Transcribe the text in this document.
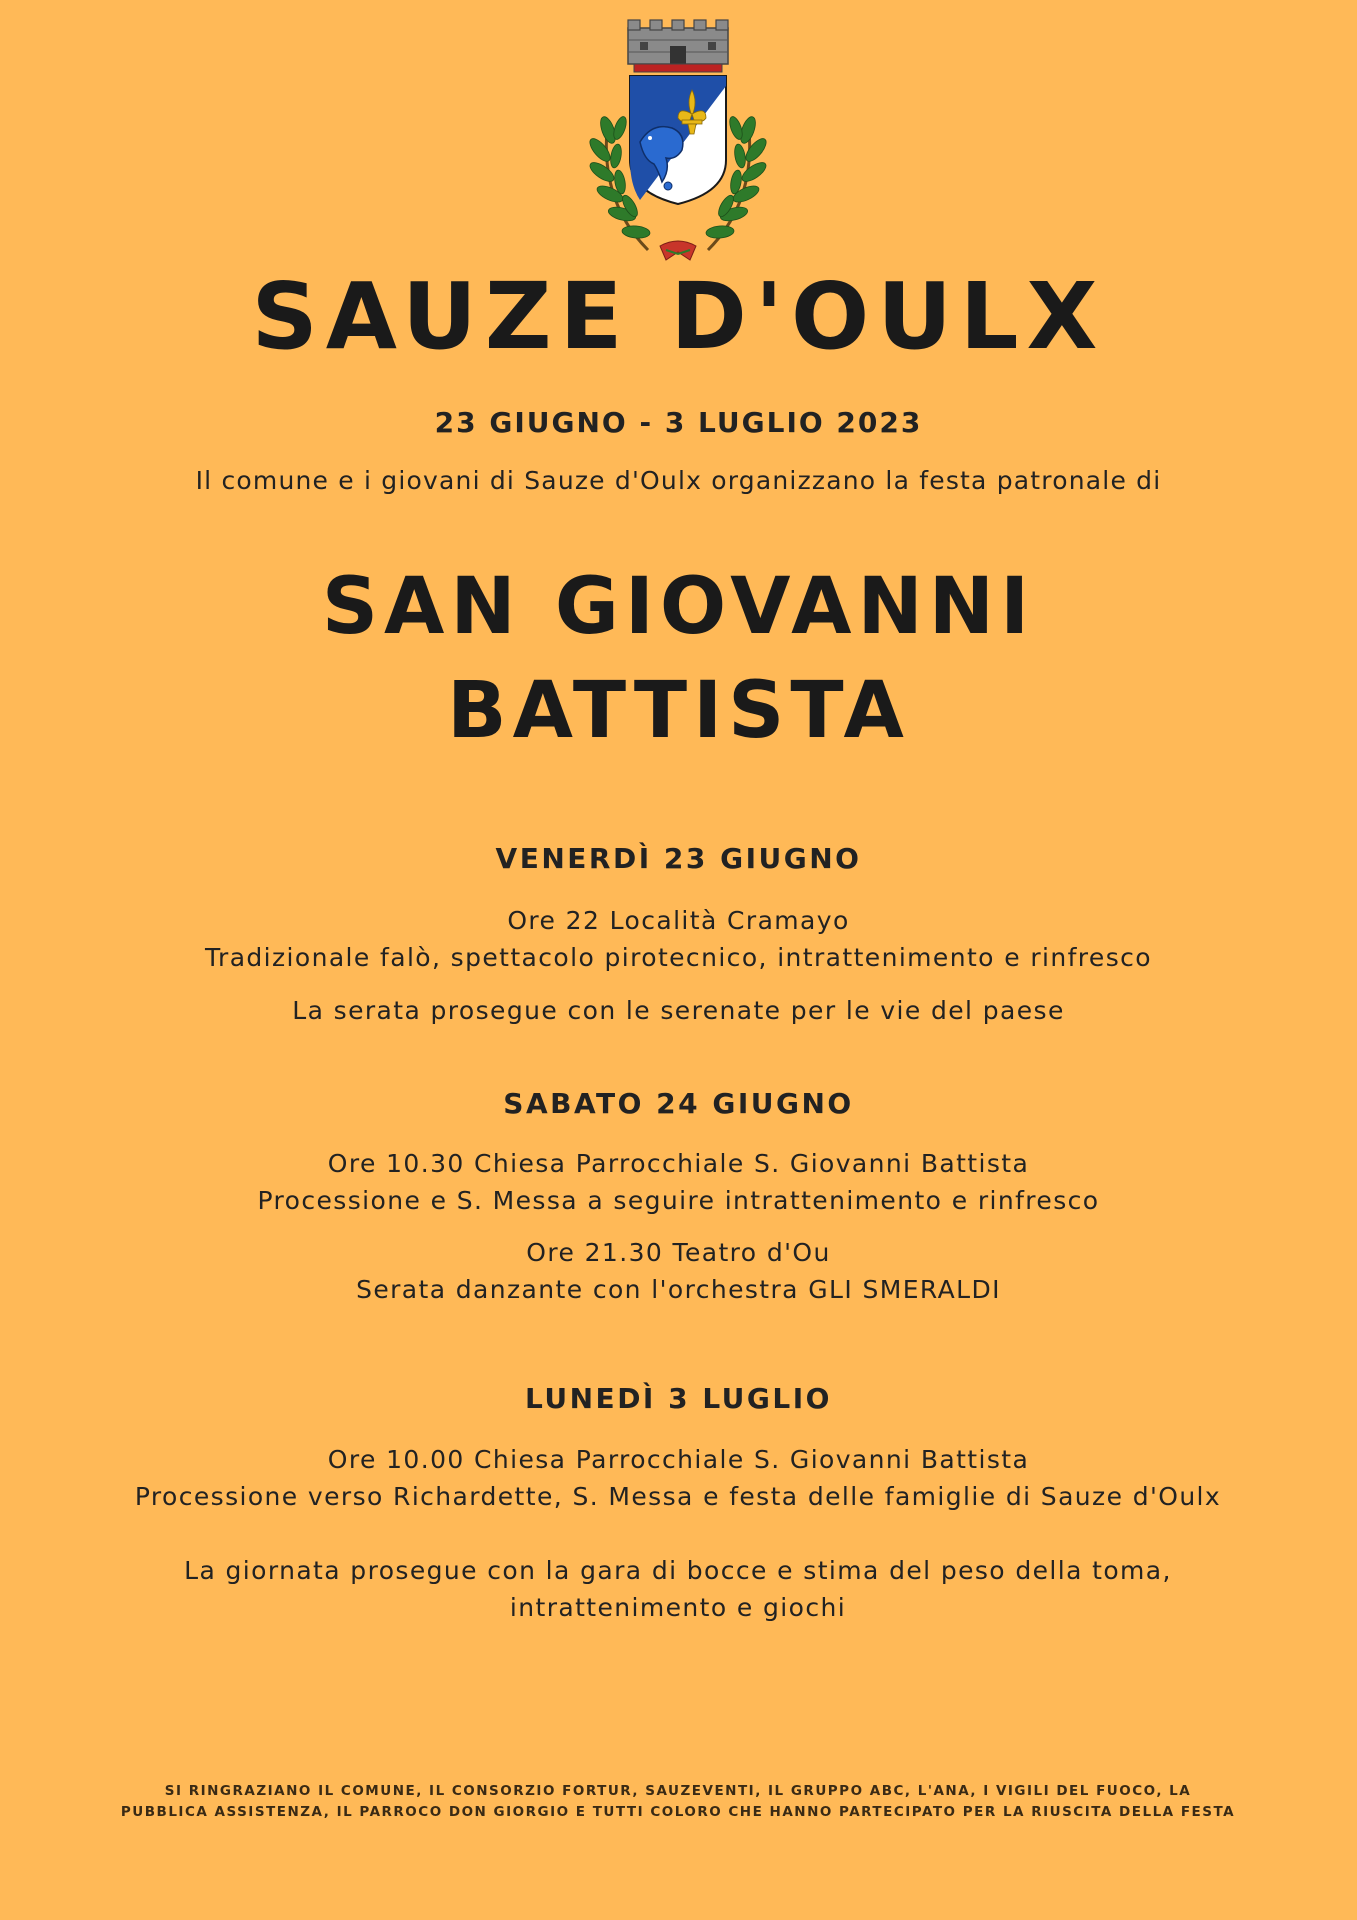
SAUZE D'OULX
23 GIUGNO - 3 LUGLIO 2023
Il comune e i giovani di Sauze d'Oulx organizzano la festa patronale di
SAN GIOVANNI
BATTISTA
VENERDÌ 23 GIUGNO
Ore 22 Località Cramayo
Tradizionale falò, spettacolo pirotecnico, intrattenimento e rinfresco
La serata prosegue con le serenate per le vie del paese
SABATO 24 GIUGNO
Ore 10.30 Chiesa Parrocchiale S. Giovanni Battista
Processione e S. Messa a seguire intrattenimento e rinfresco
Ore 21.30 Teatro d'Ou
Serata danzante con l'orchestra GLI SMERALDI
LUNEDÌ 3 LUGLIO
Ore 10.00 Chiesa Parrocchiale S. Giovanni Battista
Processione verso Richardette, S. Messa e festa delle famiglie di Sauze d'Oulx
La giornata prosegue con la gara di bocce e stima del peso della toma, intrattenimento e giochi
SI RINGRAZIANO IL COMUNE, IL CONSORZIO FORTUR, SAUZEVENTI, IL GRUPPO ABC, L'ANA, I VIGILI DEL FUOCO, LA PUBBLICA ASSISTENZA, IL PARROCO DON GIORGIO E TUTTI COLORO CHE HANNO PARTECIPATO PER LA RIUSCITA DELLA FESTA
